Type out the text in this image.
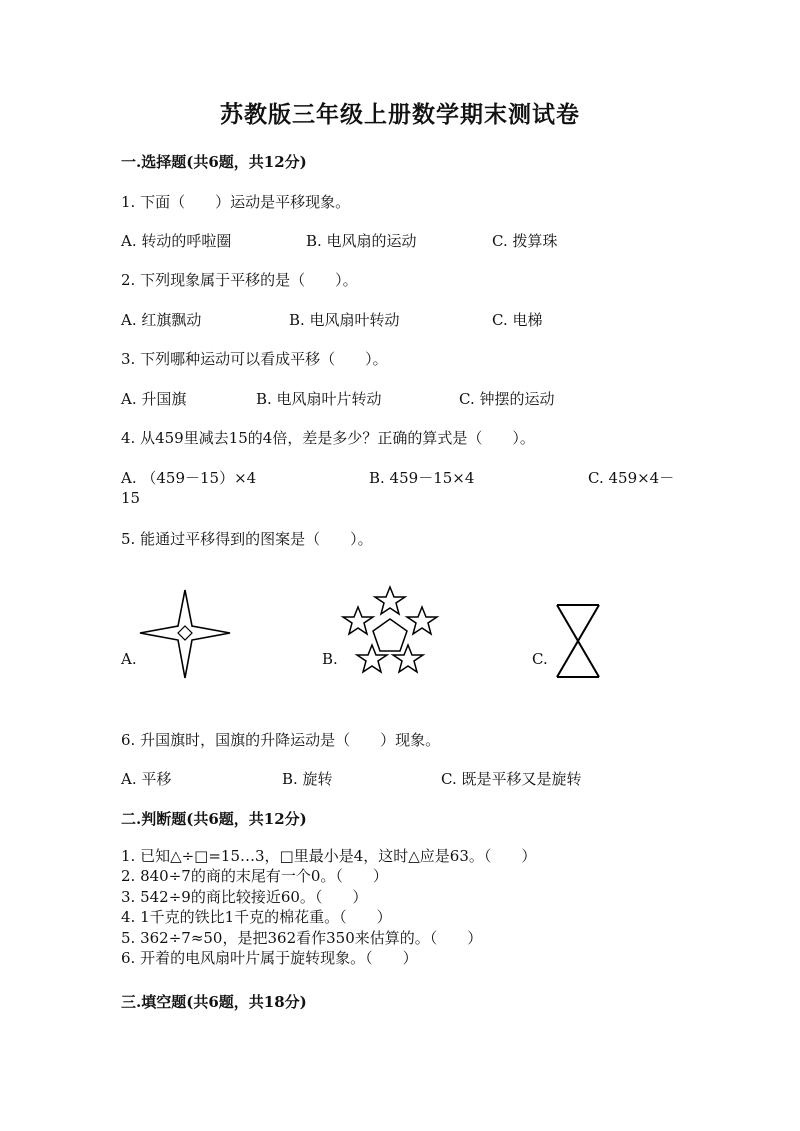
苏教版三年级上册数学期末测试卷
一.选择题(共6题，共12分)
1. 下面（　　）运动是平移现象。
A. 转动的呼啦圈	B. 电风扇的运动	C. 拨算珠
2. 下列现象属于平移的是（　　）。
A. 红旗飘动	B. 电风扇叶转动	C. 电梯
3. 下列哪种运动可以看成平移（　　）。
A. 升国旗	B. 电风扇叶片转动	C. 钟摆的运动
4. 从459里减去15的4倍，差是多少？正确的算式是（　　）。
A. （459－15）×4	B. 459－15×4	C. 459×4－
15
5. 能通过平移得到的图案是（　　）。
A.	B.	C.
6. 升国旗时，国旗的升降运动是（　　）现象。
A. 平移	B. 旋转	C. 既是平移又是旋转
二.判断题(共6题，共12分)
1. 已知△÷□=15…3，□里最小是4，这时△应是63。（　　）
2. 840÷7的商的末尾有一个0。（　　）
3. 542÷9的商比较接近60。（　　）
4. 1千克的铁比1千克的棉花重。（　　）
5. 362÷7≈50，是把362看作350来估算的。（　　）
6. 开着的电风扇叶片属于旋转现象。（　　）
三.填空题(共6题，共18分)
